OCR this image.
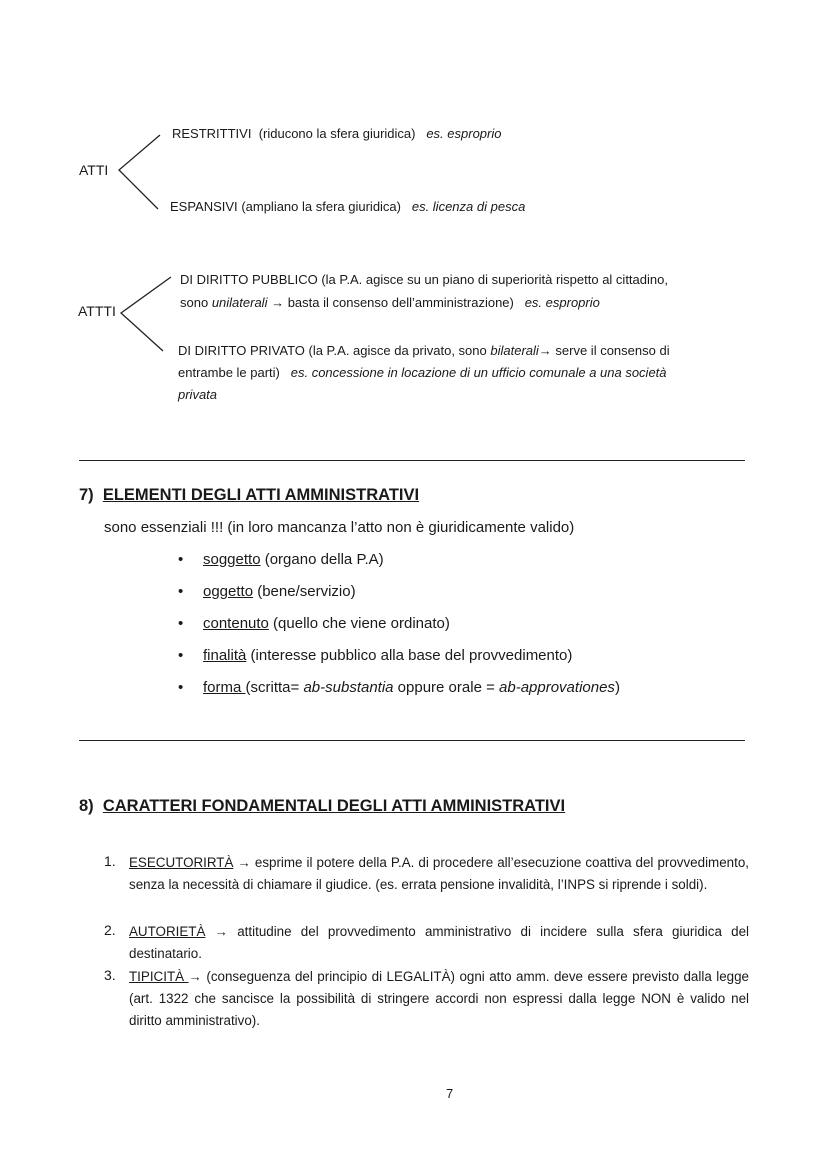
ATTI
RESTRITTIVI (riducono la sfera giuridica) es. esproprio
ESPANSIVI (ampliano la sfera giuridica) es. licenza di pesca
ATTTI
DI DIRITTO PUBBLICO (la P.A. agisce su un piano di superiorità rispetto al cittadino,
sono unilaterali → basta il consenso dell’amministrazione) es. esproprio
DI DIRITTO PRIVATO (la P.A. agisce da privato, sono bilaterali→ serve il consenso di
entrambe le parti) es. concessione in locazione di un ufficio comunale a una società
privata
7) ELEMENTI DEGLI ATTI AMMINISTRATIVI
sono essenziali !!! (in loro mancanza l’atto non è giuridicamente valido)
• soggetto (organo della P.A)
• oggetto (bene/servizio)
• contenuto (quello che viene ordinato)
• finalità (interesse pubblico alla base del provvedimento)
• forma (scritta= ab-substantia oppure orale = ab-approvationes)
8) CARATTERI FONDAMENTALI DEGLI ATTI AMMINISTRATIVI
1. ESECUTORIRTÀ → esprime il potere della P.A. di procedere all’esecuzione coattiva del provvedimento, senza la necessità di chiamare il giudice. (es. errata pensione invalidità, l’INPS si riprende i soldi).
2. AUTORIETÀ → attitudine del provvedimento amministrativo di incidere sulla sfera giuridica del destinatario.
3. TIPICITÀ → (conseguenza del principio di LEGALITÀ) ogni atto amm. deve essere previsto dalla legge (art. 1322 che sancisce la possibilità di stringere accordi non espressi dalla legge NON è valido nel diritto amministrativo).
7
